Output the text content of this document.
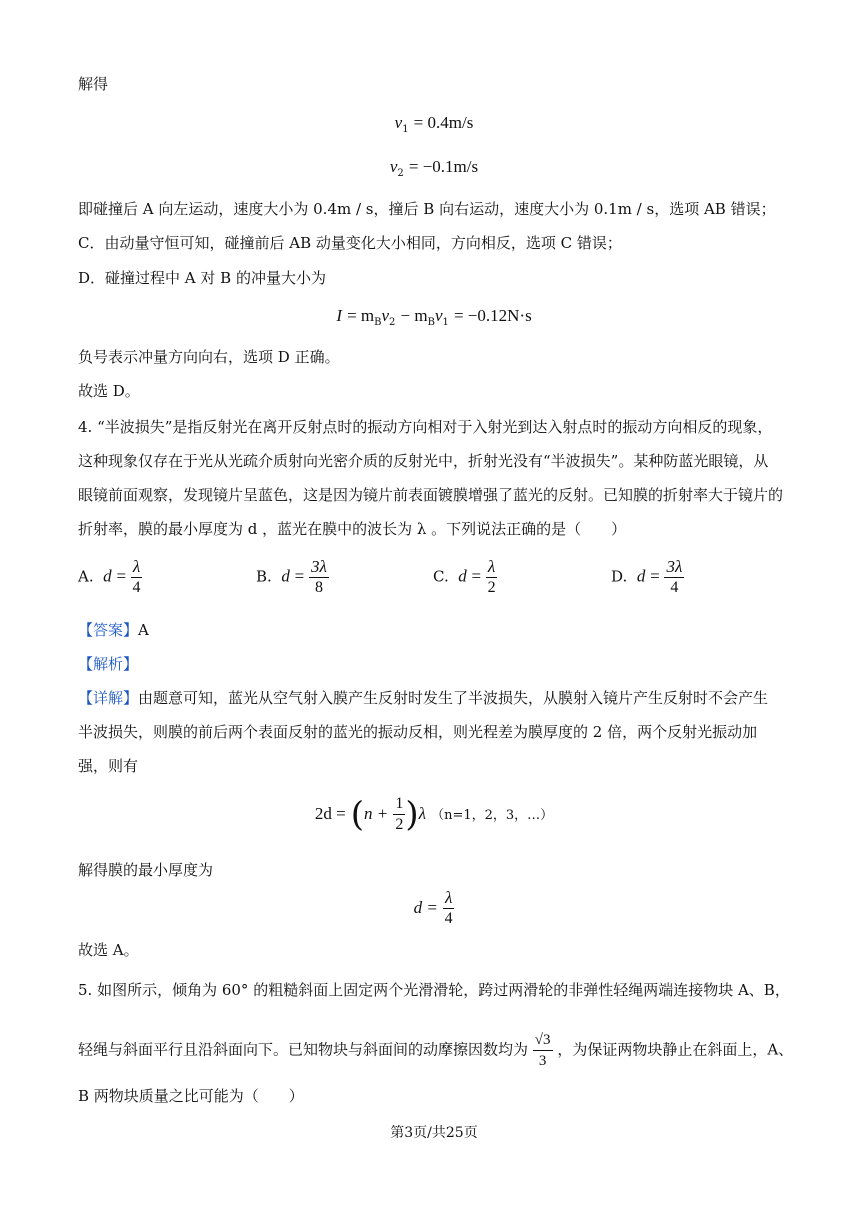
解得
$v_1 = 0.4m/s$
$v_2 = -0.1m/s$
即碰撞后 A 向左运动，速度大小为 0.4m / s，撞后 B 向右运动，速度大小为 0.1m / s，选项 AB 错误；
C．由动量守恒可知，碰撞前后 AB 动量变化大小相同，方向相反，选项 C 错误；
D．碰撞过程中 A 对 B 的冲量大小为
$I = m_Bv_2 - m_Bv_1 = -0.12N\cdot s$
负号表示冲量方向向右，选项 D 正确。
故选 D。
4. “半波损失”是指反射光在离开反射点时的振动方向相对于入射光到达入射点时的振动方向相反的现象，
这种现象仅存在于光从光疏介质射向光密介质的反射光中，折射光没有“半波损失”。某种防蓝光眼镜，从
眼镜前面观察，发现镜片呈蓝色，这是因为镜片前表面镀膜增强了蓝光的反射。已知膜的折射率大于镜片的
折射率，膜的最小厚度为 d ，蓝光在膜中的波长为 λ 。下列说法正确的是（　　）
A. $d = \frac{\lambda}{4}$	B. $d = \frac{3\lambda}{8}$	C. $d = \frac{\lambda}{2}$	D. $d = \frac{3\lambda}{4}$
【答案】A
【解析】
【详解】由题意可知，蓝光从空气射入膜产生反射时发生了半波损失，从膜射入镜片产生反射时不会产生
半波损失，则膜的前后两个表面反射的蓝光的振动反相，则光程差为膜厚度的 2 倍，两个反射光振动加
强，则有
$2d = (n + \frac{1}{2} )\lambda$ （n=1，2，3，…）
解得膜的最小厚度为
$d = \frac{\lambda}{4}$
故选 A。
5. 如图所示，倾角为 60° 的粗糙斜面上固定两个光滑滑轮，跨过两滑轮的非弹性轻绳两端连接物块 A、B，
轻绳与斜面平行且沿斜面向下。已知物块与斜面间的动摩擦因数均为 $\frac{√3}{3}$ ，为保证两物块静止在斜面上，A、
B 两物块质量之比可能为（　　）
第3页/共25页
